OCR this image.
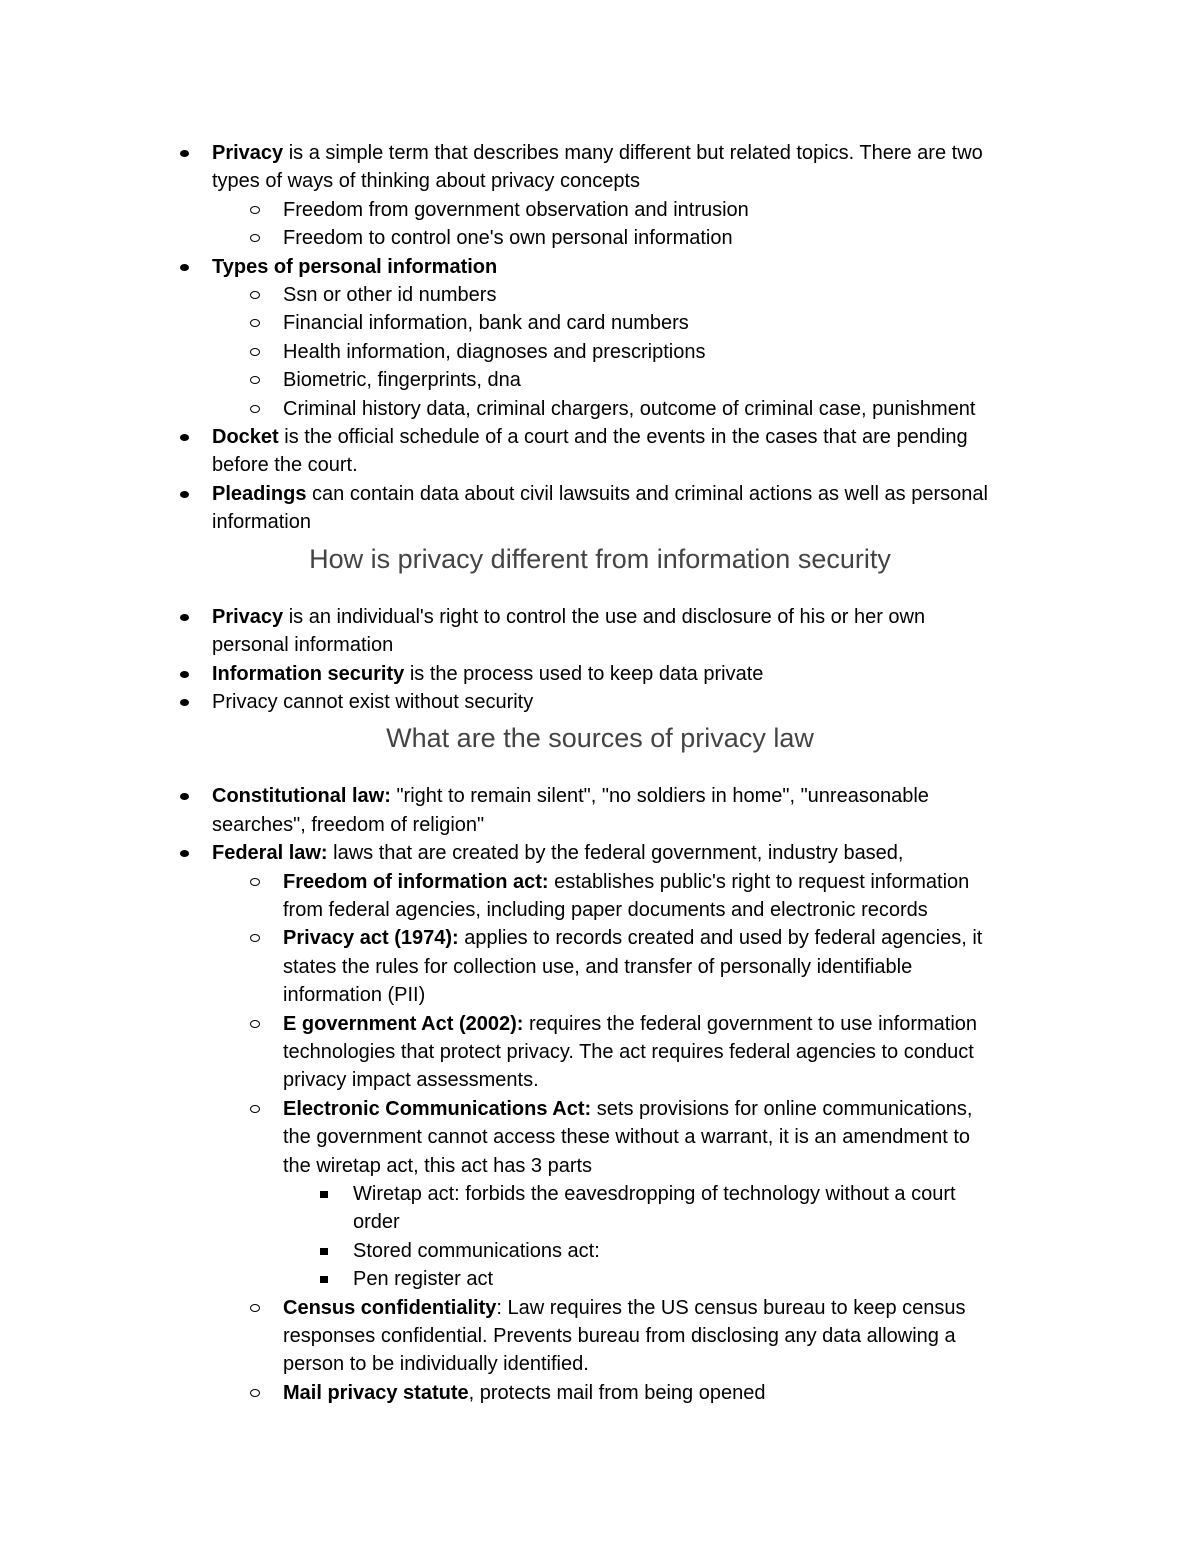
Privacy is a simple term that describes many different but related topics. There are two
types of ways of thinking about privacy concepts
Freedom from government observation and intrusion
Freedom to control one's own personal information
Types of personal information
Ssn or other id numbers
Financial information, bank and card numbers
Health information, diagnoses and prescriptions
Biometric, fingerprints, dna
Criminal history data, criminal chargers, outcome of criminal case, punishment
Docket is the official schedule of a court and the events in the cases that are pending
before the court.
Pleadings can contain data about civil lawsuits and criminal actions as well as personal
information
How is privacy different from information security
Privacy is an individual's right to control the use and disclosure of his or her own
personal information
Information security is the process used to keep data private
Privacy cannot exist without security
What are the sources of privacy law
Constitutional law: "right to remain silent", "no soldiers in home", "unreasonable
searches", freedom of religion"
Federal law: laws that are created by the federal government, industry based,
Freedom of information act: establishes public's right to request information
from federal agencies, including paper documents and electronic records
Privacy act (1974): applies to records created and used by federal agencies, it
states the rules for collection use, and transfer of personally identifiable
information (PII)
E government Act (2002): requires the federal government to use information
technologies that protect privacy. The act requires federal agencies to conduct
privacy impact assessments.
Electronic Communications Act: sets provisions for online communications,
the government cannot access these without a warrant, it is an amendment to
the wiretap act, this act has 3 parts
Wiretap act: forbids the eavesdropping of technology without a court
order
Stored communications act:
Pen register act
Census confidentiality: Law requires the US census bureau to keep census
responses confidential. Prevents bureau from disclosing any data allowing a
person to be individually identified.
Mail privacy statute, protects mail from being opened
